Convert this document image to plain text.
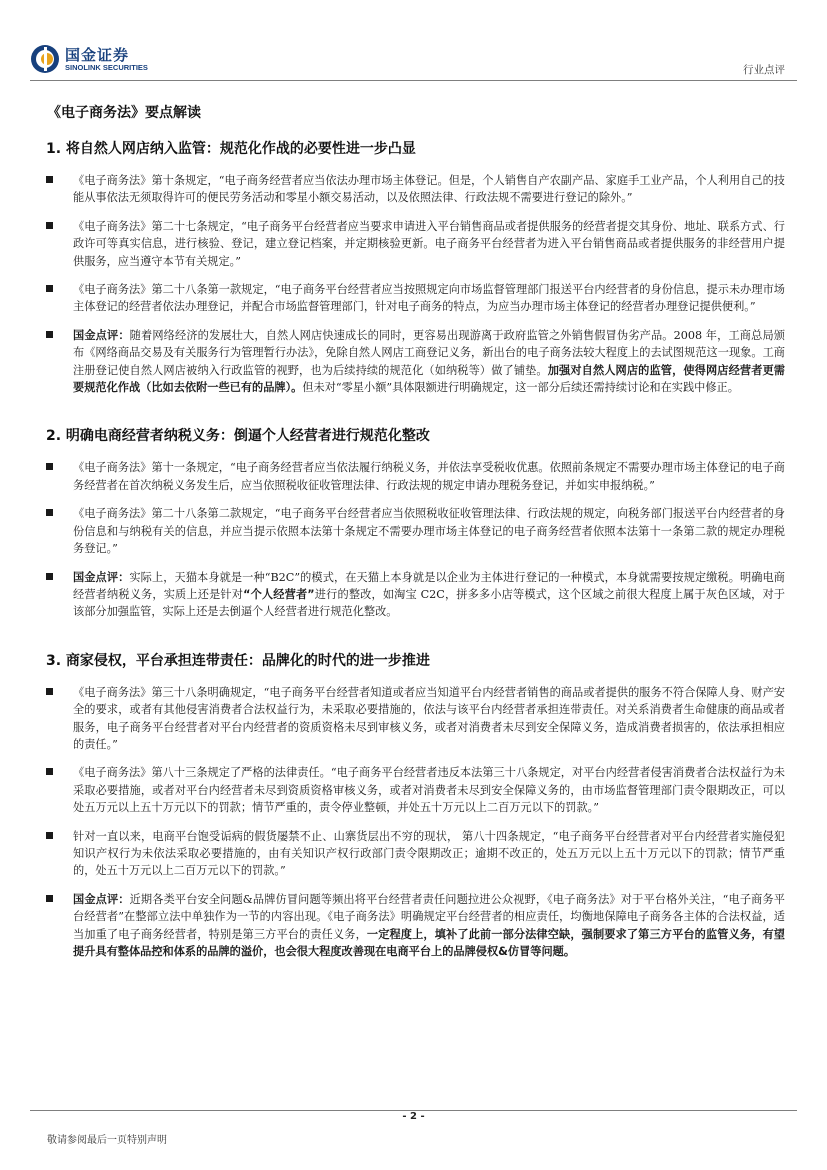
国金证券
SINOLINK SECURITIES	行业点评
《电子商务法》要点解读
1. 将自然人网店纳入监管：规范化作战的必要性进一步凸显
《电子商务法》第十条规定，“电子商务经营者应当依法办理市场主体登记。但是，个人销售自产农副产品、家庭手工业产品，个人利用自己的技能从事依法无须取得许可的便民劳务活动和零星小额交易活动，以及依照法律、行政法规不需要进行登记的除外。”
《电子商务法》第二十七条规定，“电子商务平台经营者应当要求申请进入平台销售商品或者提供服务的经营者提交其身份、地址、联系方式、行政许可等真实信息，进行核验、登记，建立登记档案，并定期核验更新。电子商务平台经营者为进入平台销售商品或者提供服务的非经营用户提供服务，应当遵守本节有关规定。”
《电子商务法》第二十八条第一款规定，“电子商务平台经营者应当按照规定向市场监督管理部门报送平台内经营者的身份信息，提示未办理市场主体登记的经营者依法办理登记，并配合市场监督管理部门，针对电子商务的特点，为应当办理市场主体登记的经营者办理登记提供便利。”
国金点评：随着网络经济的发展壮大，自然人网店快速成长的同时，更容易出现游离于政府监管之外销售假冒伪劣产品。2008 年，工商总局颁布《网络商品交易及有关服务行为管理暂行办法》，免除自然人网店工商登记义务，新出台的电子商务法较大程度上的去试图规范这一现象。工商注册登记使自然人网店被纳入行政监管的视野，也为后续持续的规范化（如纳税等）做了铺垫。加强对自然人网店的监管，使得网店经营者更需要规范化作战（比如去依附一些已有的品牌）。但未对“零星小额”具体限额进行明确规定，这一部分后续还需持续讨论和在实践中修正。
2. 明确电商经营者纳税义务：倒逼个人经营者进行规范化整改
《电子商务法》第十一条规定，“电子商务经营者应当依法履行纳税义务，并依法享受税收优惠。依照前条规定不需要办理市场主体登记的电子商务经营者在首次纳税义务发生后，应当依照税收征收管理法律、行政法规的规定申请办理税务登记，并如实申报纳税。”
《电子商务法》第二十八条第二款规定，“电子商务平台经营者应当依照税收征收管理法律、行政法规的规定，向税务部门报送平台内经营者的身份信息和与纳税有关的信息，并应当提示依照本法第十条规定不需要办理市场主体登记的电子商务经营者依照本法第十一条第二款的规定办理税务登记。”
国金点评：实际上，天猫本身就是一种“B2C”的模式，在天猫上本身就是以企业为主体进行登记的一种模式，本身就需要按规定缴税。明确电商经营者纳税义务，实质上还是针对“个人经营者”进行的整改，如淘宝 C2C，拼多多小店等模式，这个区域之前很大程度上属于灰色区域，对于该部分加强监管，实际上还是去倒逼个人经营者进行规范化整改。
3. 商家侵权，平台承担连带责任：品牌化的时代的进一步推进
《电子商务法》第三十八条明确规定，“电子商务平台经营者知道或者应当知道平台内经营者销售的商品或者提供的服务不符合保障人身、财产安全的要求，或者有其他侵害消费者合法权益行为，未采取必要措施的，依法与该平台内经营者承担连带责任。对关系消费者生命健康的商品或者服务，电子商务平台经营者对平台内经营者的资质资格未尽到审核义务，或者对消费者未尽到安全保障义务，造成消费者损害的，依法承担相应的责任。”
《电子商务法》第八十三条规定了严格的法律责任。“电子商务平台经营者违反本法第三十八条规定，对平台内经营者侵害消费者合法权益行为未采取必要措施，或者对平台内经营者未尽到资质资格审核义务，或者对消费者未尽到安全保障义务的，由市场监督管理部门责令限期改正，可以处五万元以上五十万元以下的罚款；情节严重的，责令停业整顿，并处五十万元以上二百万元以下的罚款。”
针对一直以来，电商平台饱受诟病的假货屡禁不止、山寨货层出不穷的现状， 第八十四条规定，“电子商务平台经营者对平台内经营者实施侵犯知识产权行为未依法采取必要措施的，由有关知识产权行政部门责令限期改正；逾期不改正的，处五万元以上五十万元以下的罚款；情节严重的，处五十万元以上二百万元以下的罚款。”
国金点评：近期各类平台安全问题&品牌仿冒问题等频出将平台经营者责任问题拉进公众视野，《电子商务法》对于平台格外关注，“电子商务平台经营者”在整部立法中单独作为一节的内容出现。《电子商务法》明确规定平台经营者的相应责任，均衡地保障电子商务各主体的合法权益，适当加重了电子商务经营者，特别是第三方平台的责任义务，一定程度上，填补了此前一部分法律空缺，强制要求了第三方平台的监管义务，有望提升具有整体品控和体系的品牌的溢价，也会很大程度改善现在电商平台上的品牌侵权&仿冒等问题。
- 2 -
敬请参阅最后一页特别声明
